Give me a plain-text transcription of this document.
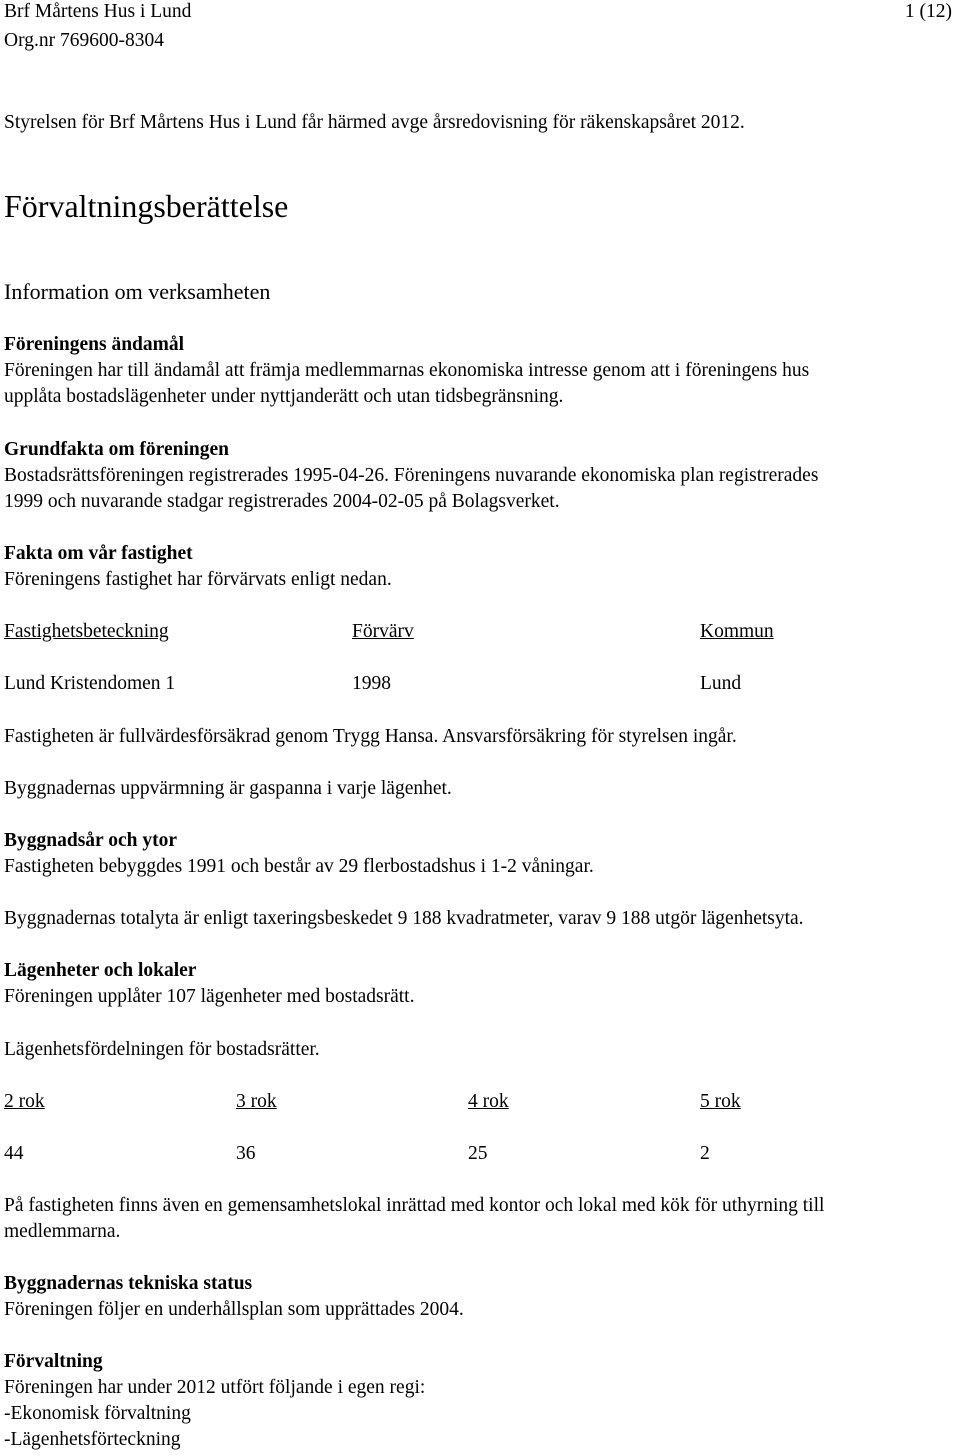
Brf Mårtens Hus i Lund	1 (12)
Org.nr 769600-8304
Styrelsen för Brf Mårtens Hus i Lund får härmed avge årsredovisning för räkenskapsåret 2012.
Förvaltningsberättelse
Information om verksamheten
Föreningens ändamål
Föreningen har till ändamål att främja medlemmarnas ekonomiska intresse genom att i föreningens hus
upplåta bostadslägenheter under nyttjanderätt och utan tidsbegränsning.
Grundfakta om föreningen
Bostadsrättsföreningen registrerades 1995-04-26. Föreningens nuvarande ekonomiska plan registrerades
1999 och nuvarande stadgar registrerades 2004-02-05 på Bolagsverket.
Fakta om vår fastighet
Föreningens fastighet har förvärvats enligt nedan.
Fastighetsbeteckning	Förvärv	Kommun
Lund Kristendomen 1	1998	Lund
Fastigheten är fullvärdesförsäkrad genom Trygg Hansa. Ansvarsförsäkring för styrelsen ingår.
Byggnadernas uppvärmning är gaspanna i varje lägenhet.
Byggnadsår och ytor
Fastigheten bebyggdes 1991 och består av 29 flerbostadshus i 1-2 våningar.
Byggnadernas totalyta är enligt taxeringsbeskedet 9 188 kvadratmeter, varav 9 188 utgör lägenhetsyta.
Lägenheter och lokaler
Föreningen upplåter 107 lägenheter med bostadsrätt.
Lägenhetsfördelningen för bostadsrätter.
2 rok	3 rok	4 rok	5 rok
44	36	25	2
På fastigheten finns även en gemensamhetslokal inrättad med kontor och lokal med kök för uthyrning till
medlemmarna.
Byggnadernas tekniska status
Föreningen följer en underhållsplan som upprättades 2004.
Förvaltning
Föreningen har under 2012 utfört följande i egen regi:
-Ekonomisk förvaltning
-Lägenhetsförteckning
